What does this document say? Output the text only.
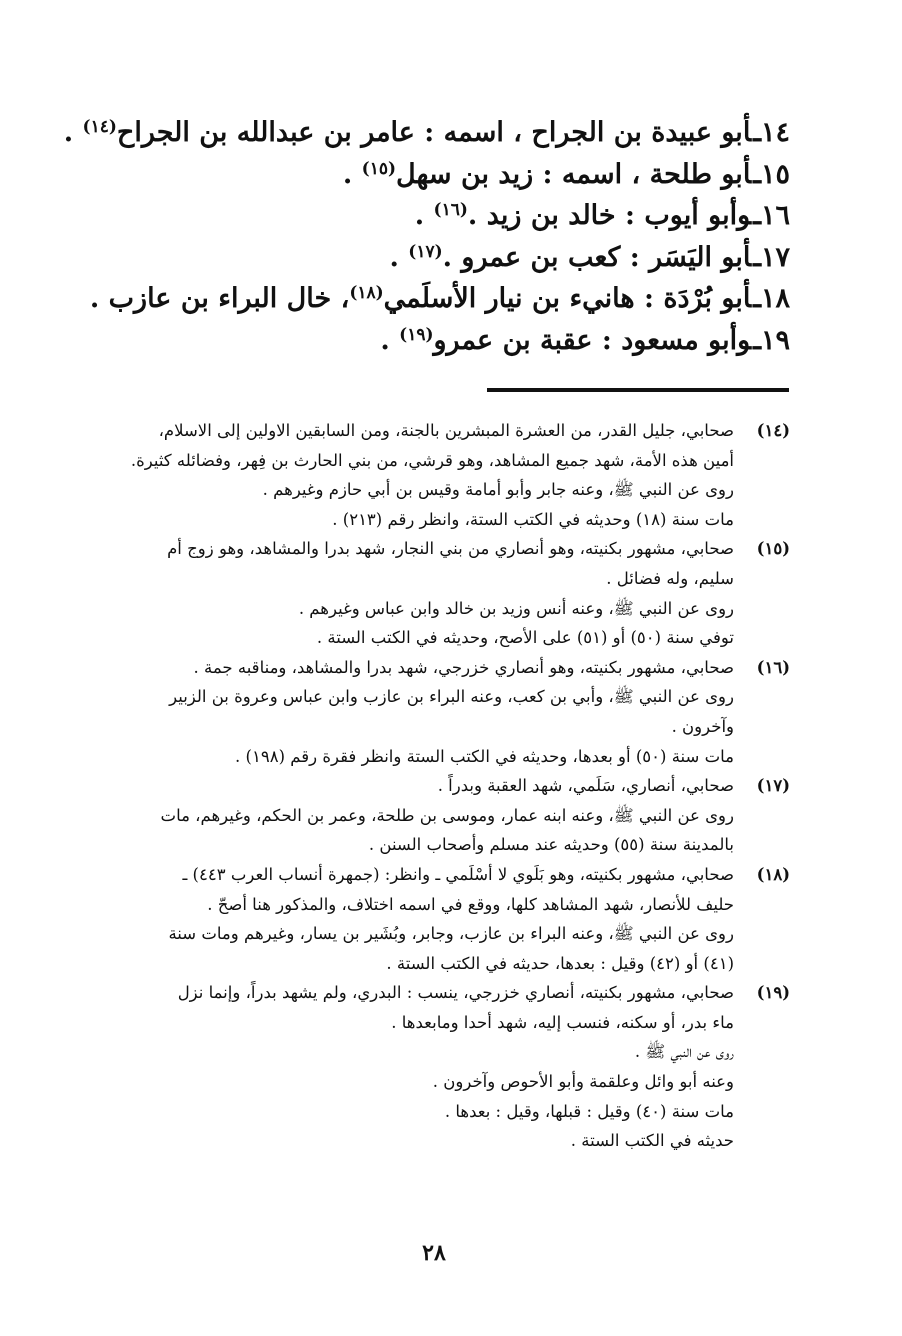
١٤ـأبو عبيدة بن الجراح ، اسمه : عامر بن عبدالله بن الجراح$^{(١٤)}$ .
١٥ـأبو طلحة ، اسمه : زيد بن سهل$^{(١٥)}$ .
١٦ـوأبو أيوب : خالد بن زيد .$^{(١٦)}$ .
١٧ـأبو اليَسَر : كعب بن عمرو .$^{(١٧)}$ .
١٨ـأبو بُرْدَة : هانيء بن نيار الأسلَمي$^{(١٨)}$، خال البراء بن عازب .
١٩ـوأبو مسعود : عقبة بن عمرو$^{(١٩)}$ .
(١٤)
صحابي، جليل القدر، من العشرة المبشرين بالجنة، ومن السابقين الاولين إلى الاسلام،
أمين هذه الأمة، شهد جميع المشاهد، وهو قرشي، من بني الحارث بن فِهر، وفضائله كثيرة.
روى عن النبي ﷺ، وعنه جابر وأبو أمامة وقيس بن أبي حازم وغيرهم .
مات سنة (١٨) وحديثه في الكتب الستة، وانظر رقم (٢١٣) .
(١٥)
صحابي، مشهور بكنيته، وهو أنصاري من بني النجار، شهد بدرا والمشاهد، وهو زوج أم
سليم، وله فضائل .
روى عن النبي ﷺ، وعنه أنس وزيد بن خالد وابن عباس وغيرهم .
توفي سنة (٥٠) أو (٥١) على الأصح، وحديثه في الكتب الستة .
(١٦)
صحابي، مشهور بكنيته، وهو أنصاري خزرجي، شهد بدرا والمشاهد، ومناقبه جمة .
روى عن النبي ﷺ، وأبي بن كعب، وعنه البراء بن عازب وابن عباس وعروة بن الزبير
وآخرون .
مات سنة (٥٠) أو بعدها، وحديثه في الكتب الستة وانظر فقرة رقم (١٩٨) .
(١٧)
صحابي، أنصاري، سَلَمي، شهد العقبة وبدراً .
روى عن النبي ﷺ، وعنه ابنه عمار، وموسى بن طلحة، وعمر بن الحكم، وغيرهم، مات
بالمدينة سنة (٥٥) وحديثه عند مسلم وأصحاب السنن .
(١٨)
صحابي، مشهور بكنيته، وهو بَلَوي لا أسْلَمي ـ وانظر: (جمهرة أنساب العرب ٤٤٣) ـ
حليف للأنصار، شهد المشاهد كلها، ووقع في اسمه اختلاف، والمذكور هنا أصحّ .
روى عن النبي ﷺ، وعنه البراء بن عازب، وجابر، وبُشَير بن يسار، وغيرهم ومات سنة
(٤١) أو (٤٢) وقيل : بعدها، حديثه في الكتب الستة .
(١٩)
صحابي، مشهور بكنيته، أنصاري خزرجي، ينسب : البدري، ولم يشهد بدراً، وإنما نزل
ماء بدر، أو سكنه، فنسب إليه، شهد أحدا ومابعدها .
روى عن النبي ﷺ .
وعنه أبو وائل وعلقمة وأبو الأحوص وآخرون .
مات سنة (٤٠) وقيل : قبلها، وقيل : بعدها .
حديثه في الكتب الستة .
٢٨
